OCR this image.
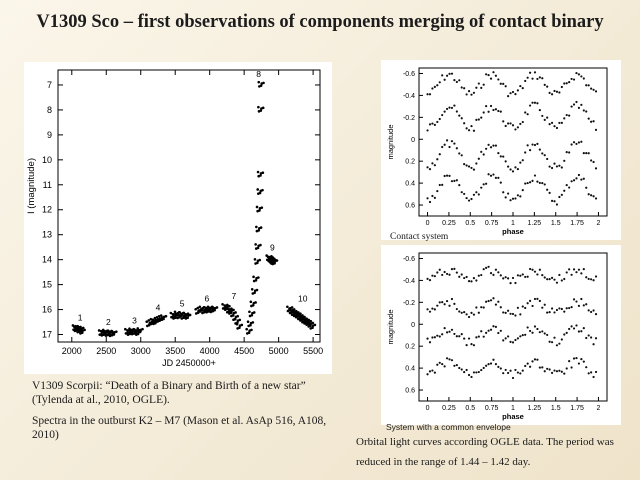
V1309 Sco – first observations of components merging of contact binary
2000 2500 3000 3500 4000 4500 5000 5500
7
8
9
10
11
12
13
14
15
16
17
JD 2450000+
I (magnitude)
1	2	3
4 5 6	7
8
9
10
0 0.25 0.5 0.75 1 1.25 1.5 1.75 2
-0.6
-0.4
-0.2
0
0.2
0.4
0.6
phase
magnitude
0 0.25 0.5 0.75 1 1.25 1.5 1.75 2
-0.6
-0.4
-0.2
0
0.2
0.4
0.6
phase
magnitude
V1309 Scorpii: “Death of a Binary and Birth of a new star” (Tylenda at al., 2010, OGLE).
Spectra in the outburst K2 – M7 (Mason et al. AsAp 516, A108, 2010)
Contact system
System with a common envelope
Orbital light curves according OGLE data. The period was reduced in the range of 1.44 – 1.42 day.
